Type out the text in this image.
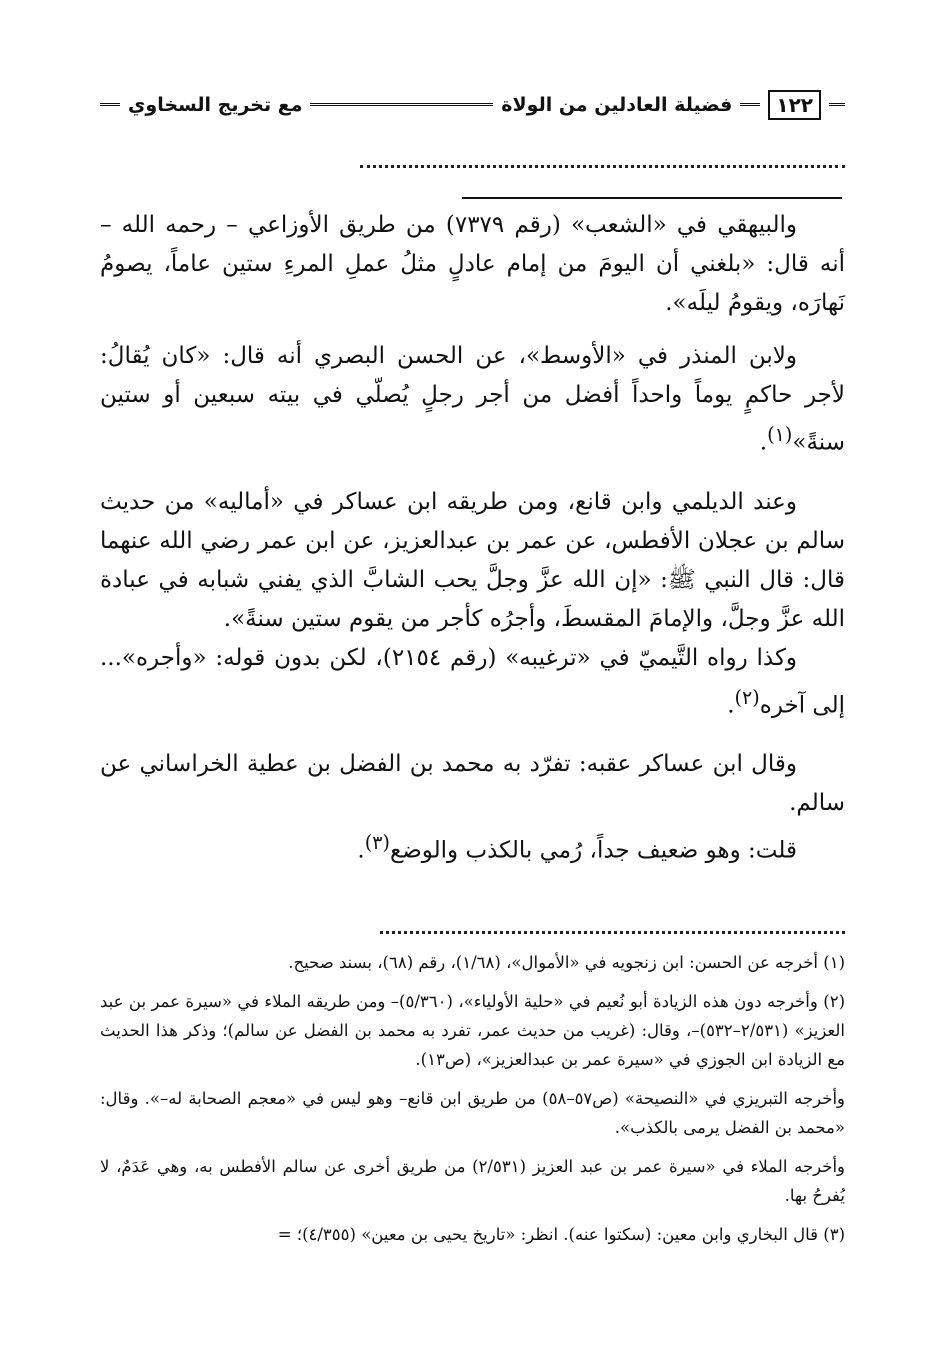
١٢٢
فضيلة العادلين من الولاة
مع تخريج السخاوي

والبيهقي في «الشعب» (رقم ٧٣٧٩) من طريق الأوزاعي – رحمه الله – أنه قال: «بلغني أن اليومَ من إمام عادلٍ مثلُ عملِ المرءِ ستين عاماً، يصومُ نَهارَه، ويقومُ ليلَه».

ولابن المنذر في «الأوسط»، عن الحسن البصري أنه قال: «كان يُقالُ: لأجر حاكمٍ يوماً واحداً أفضل من أجر رجلٍ يُصلّي في بيته سبعين أو ستين سنةً»$^{(١)}$.

وعند الديلمي وابن قانع، ومن طريقه ابن عساكر في «أماليه» من حديث سالم بن عجلان الأفطس، عن عمر بن عبدالعزيز، عن ابن عمر رضي الله عنهما قال: قال النبي ﷺ: «إن الله عزَّ وجلَّ يحب الشابَّ الذي يفني شبابه في عبادة الله عزَّ وجلَّ، والإمامَ المقسطَ، وأجرُه كأجر من يقوم ستين سنةً».

وكذا رواه التَّيميّ في «ترغيبه» (رقم ٢١٥٤)، لكن بدون قوله: «وأجره»... إلى آخره$^{(٢)}$.

وقال ابن عساكر عقبه: تفرّد به محمد بن الفضل بن عطية الخراساني عن سالم.

قلت: وهو ضعيف جداً، رُمي بالكذب والوضع$^{(٣)}$.

(١) أخرجه عن الحسن: ابن زنجويه في «الأموال»، (١/٦٨)، رقم (٦٨)، بسند صحيح.

(٢) وأخرجه دون هذه الزيادة أبو نُعيم في «حلية الأولياء»، (٥/٣٦٠)– ومن طريقه الملاء في «سيرة عمر بن عبد العزيز» (٢/٥٣١–٥٣٢)–، وقال: (غريب من حديث عمر، تفرد به محمد بن الفضل عن سالم)؛ وذكر هذا الحديث مع الزيادة ابن الجوزي في «سيرة عمر بن عبدالعزيز»، (ص١٣).

وأخرجه التبريزي في «النصيحة» (ص٥٧–٥٨) من طريق ابن قانع– وهو ليس في «معجم الصحابة له–». وقال: «محمد بن الفضل يرمى بالكذب».

وأخرجه الملاء في «سيرة عمر بن عبد العزيز (٢/٥٣١) من طريق أخرى عن سالم الأفطس به، وهي عَدَمٌ، لا يُفرحُ بها.

(٣) قال البخاري وابن معين: (سكتوا عنه). انظر: «تاريخ يحيى بن معين» (٤/٣٥٥)؛ =
